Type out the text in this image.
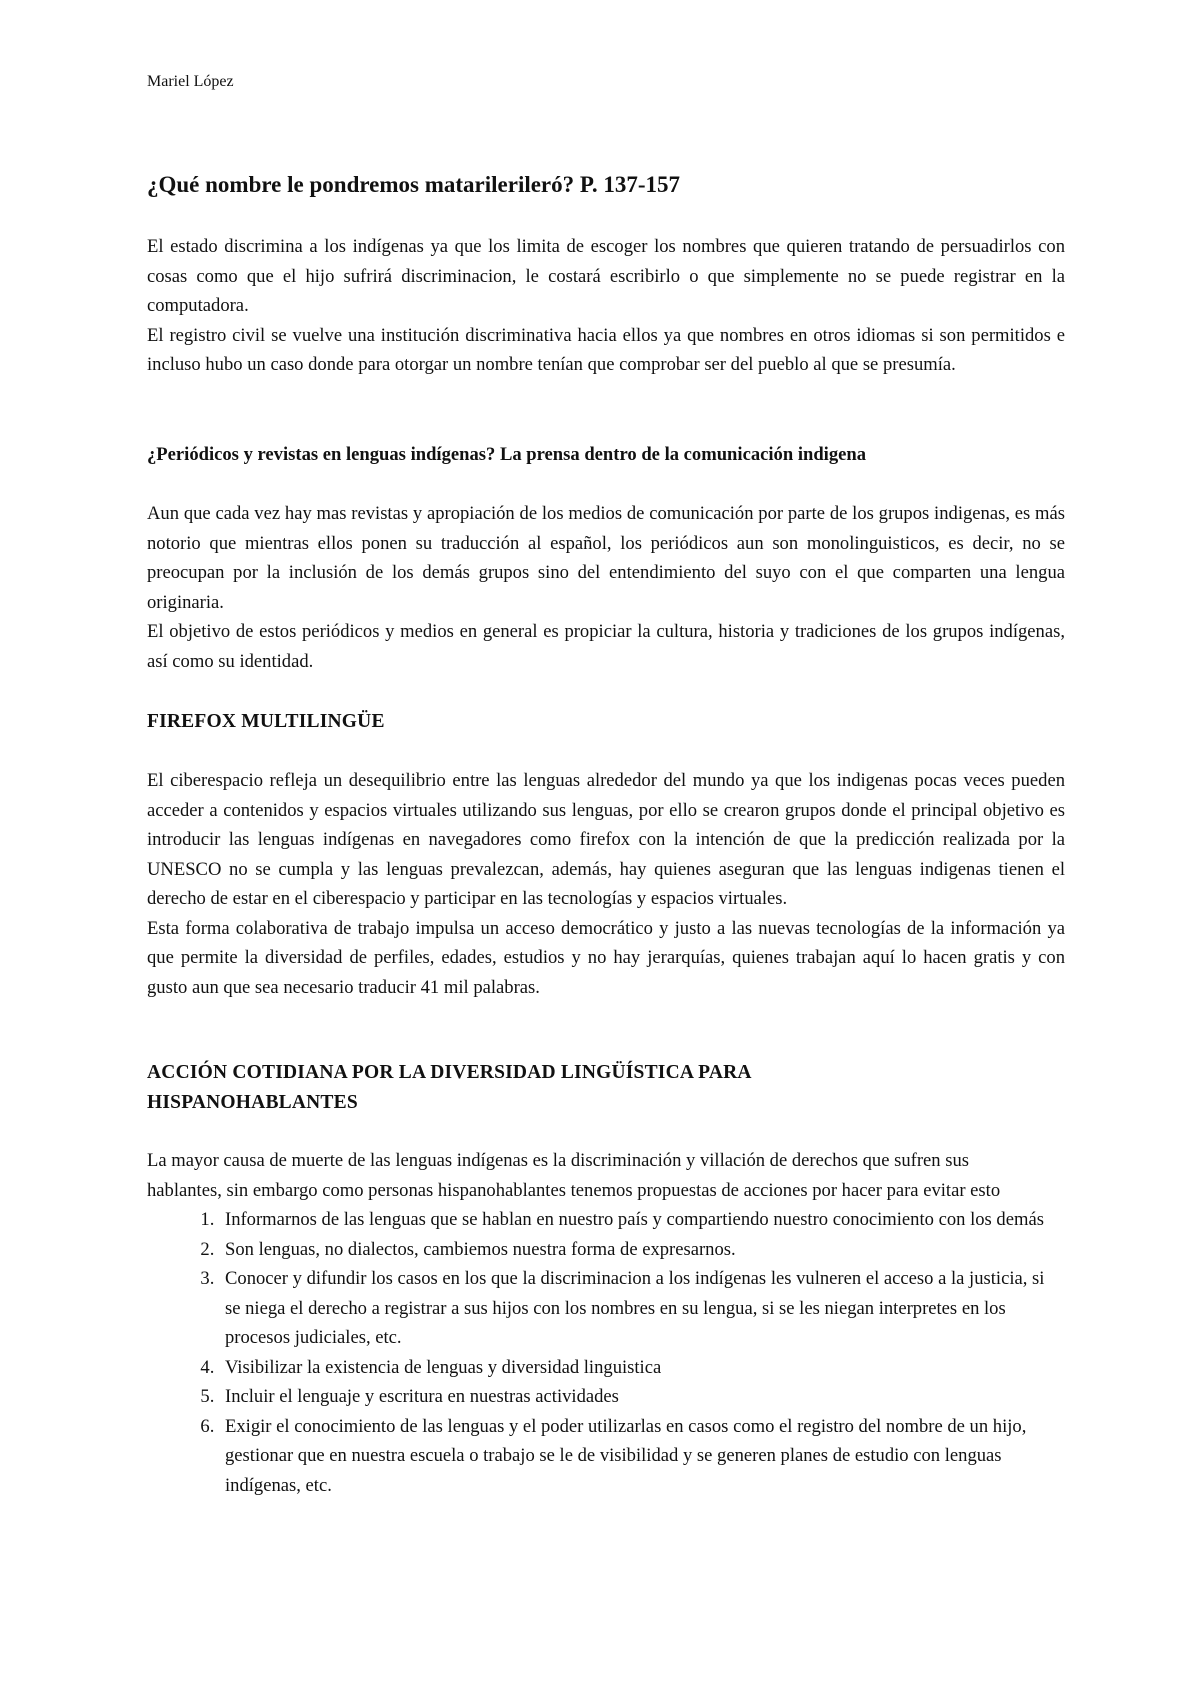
Mariel López
¿Qué nombre le pondremos matarilerileró? P. 137-157

El estado discrimina a los indígenas ya que los limita de escoger los nombres que quieren tratando de persuadirlos con cosas como que el hijo sufrirá discriminacion, le costará escribirlo o que simplemente no se puede registrar en la computadora.

El registro civil se vuelve una institución discriminativa hacia ellos ya que nombres en otros idiomas si son permitidos e incluso hubo un caso donde para otorgar un nombre tenían que comprobar ser del pueblo al que se presumía.

¿Periódicos y revistas en lenguas indígenas? La prensa dentro de la comunicación indigena

Aun que cada vez hay mas revistas y apropiación de los medios de comunicación por parte de los grupos indigenas, es más notorio que mientras ellos ponen su traducción al español, los periódicos aun son monolinguisticos, es decir, no se preocupan por la inclusión de los demás grupos sino del entendimiento del suyo con el que comparten una lengua originaria.

El objetivo de estos periódicos y medios en general es propiciar la cultura, historia y tradiciones de los grupos indígenas, así como su identidad.

FIREFOX MULTILINGÜE

El ciberespacio refleja un desequilibrio entre las lenguas alrededor del mundo ya que los indigenas pocas veces pueden acceder a contenidos y espacios virtuales utilizando sus lenguas, por ello se crearon grupos donde el principal objetivo es introducir las lenguas indígenas en navegadores como firefox con la intención de que la predicción realizada por la UNESCO no se cumpla y las lenguas prevalezcan, además, hay quienes aseguran que las lenguas indigenas tienen el derecho de estar en el ciberespacio y participar en las tecnologías y espacios virtuales.

Esta forma colaborativa de trabajo impulsa un acceso democrático y justo a las nuevas tecnologías de la información ya que permite la diversidad de perfiles, edades, estudios y no hay jerarquías, quienes trabajan aquí lo hacen gratis y con gusto aun que sea necesario traducir 41 mil palabras.

ACCIÓN COTIDIANA POR LA DIVERSIDAD LINGÜÍSTICA PARA
HISPANOHABLANTES

La mayor causa de muerte de las lenguas indígenas es la discriminación y villación de derechos que sufren sus hablantes, sin embargo como personas hispanohablantes tenemos propuestas de acciones por hacer para evitar esto

1. Informarnos de las lenguas que se hablan en nuestro país y compartiendo nuestro conocimiento con los demás
2. Son lenguas, no dialectos, cambiemos nuestra forma de expresarnos.
3. Conocer y difundir los casos en los que la discriminacion a los indígenas les vulneren el acceso a la justicia, si se niega el derecho a registrar a sus hijos con los nombres en su lengua, si se les niegan interpretes en los procesos judiciales, etc.
4. Visibilizar la existencia de lenguas y diversidad linguistica
5. Incluir el lenguaje y escritura en nuestras actividades
6. Exigir el conocimiento de las lenguas y el poder utilizarlas en casos como el registro del nombre de un hijo, gestionar que en nuestra escuela o trabajo se le de visibilidad y se generen planes de estudio con lenguas indígenas, etc.
